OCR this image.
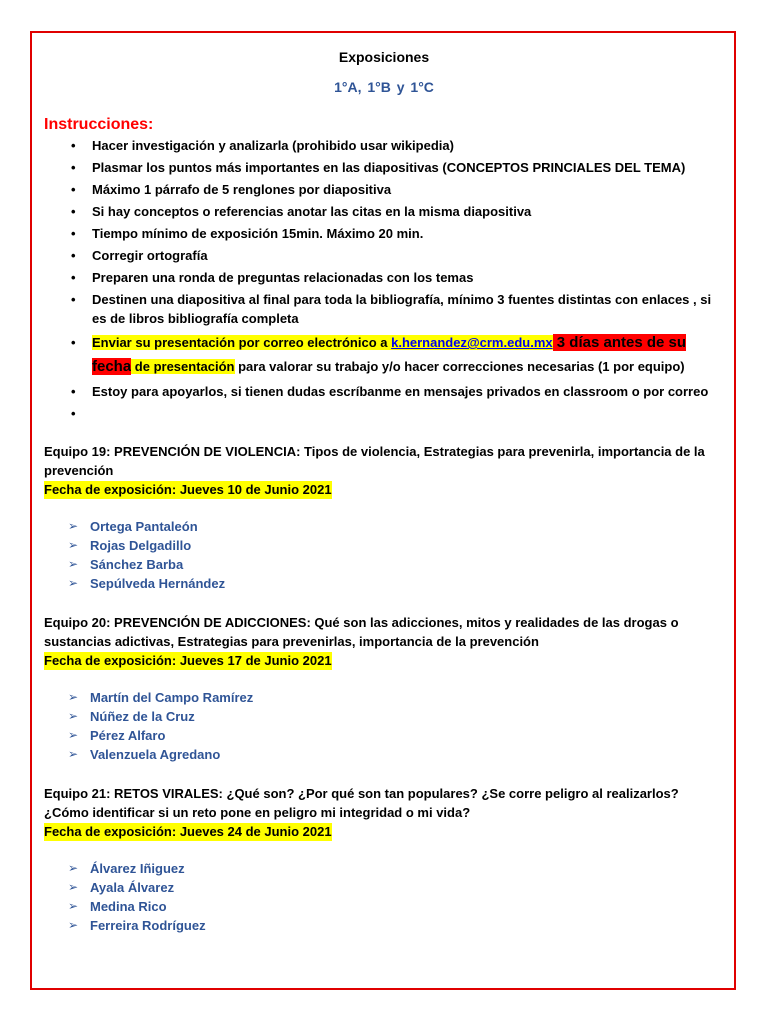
Exposiciones
1°A, 1°B y 1°C
Instrucciones:
• Hacer investigación y analizarla (prohibido usar wikipedia)
• Plasmar los puntos más importantes en las diapositivas (CONCEPTOS PRINCIALES DEL TEMA)
• Máximo 1 párrafo de 5 renglones por diapositiva
• Si hay conceptos o referencias anotar las citas en la misma diapositiva
• Tiempo mínimo de exposición 15min. Máximo 20 min.
• Corregir ortografía
• Preparen una ronda de preguntas relacionadas con los temas
• Destinen una diapositiva al final para toda la bibliografía, mínimo 3 fuentes distintas con enlaces , si es de libros bibliografía completa
• Enviar su presentación por correo electrónico a k.hernandez@crm.edu.mx 3 días antes de su
fecha de presentación para valorar su trabajo y/o hacer correcciones necesarias (1 por equipo)
• Estoy para apoyarlos, si tienen dudas escríbanme en mensajes privados en classroom o por correo
•

Equipo 19: PREVENCIÓN DE VIOLENCIA: Tipos de violencia, Estrategias para prevenirla, importancia de la prevención
Fecha de exposición: Jueves 10 de Junio 2021
➢ Ortega Pantaleón
➢ Rojas Delgadillo
➢ Sánchez Barba
➢ Sepúlveda Hernández
Equipo 20: PREVENCIÓN DE ADICCIONES: Qué son las adicciones, mitos y realidades de las drogas o sustancias adictivas, Estrategias para prevenirlas, importancia de la prevención
Fecha de exposición: Jueves 17 de Junio 2021
➢ Martín del Campo Ramírez
➢ Núñez de la Cruz
➢ Pérez Alfaro
➢ Valenzuela Agredano
Equipo 21: RETOS VIRALES: ¿Qué son? ¿Por qué son tan populares? ¿Se corre peligro al realizarlos? ¿Cómo identificar si un reto pone en peligro mi integridad o mi vida?
Fecha de exposición: Jueves 24 de Junio 2021
➢ Álvarez Iñiguez
➢ Ayala Álvarez
➢ Medina Rico
➢ Ferreira Rodríguez
